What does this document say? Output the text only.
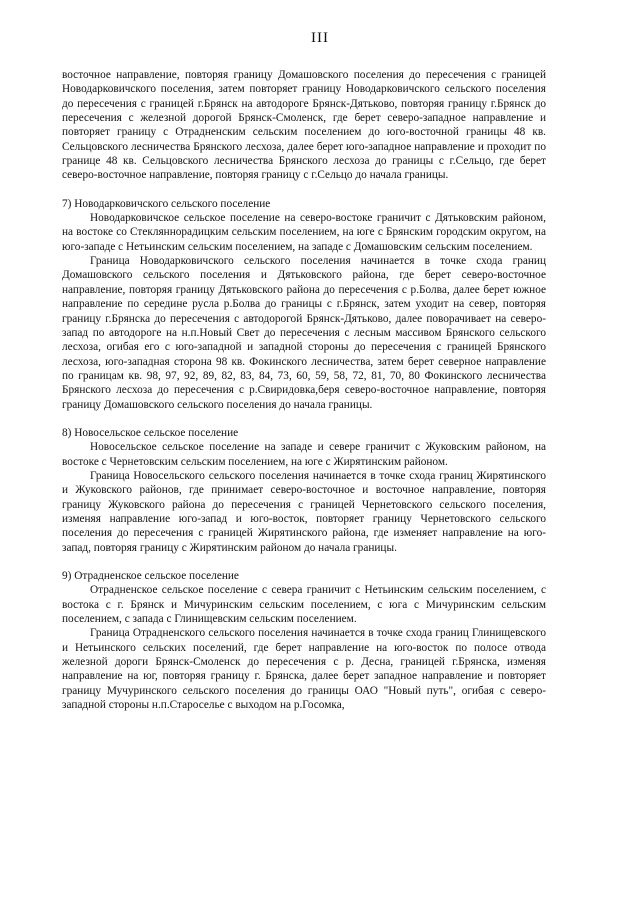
III

восточное направление, повторяя границу Домашовского поселения до пересечения с границей Новодарковичского поселения, затем повторяет границу Новодарковичского сельского поселения до пересечения с границей г.Брянск на автодороге Брянск-Дятьково, повторяя границу г.Брянск до пересечения с железной дорогой Брянск-Смоленск, где берет северо-западное направление и повторяет границу с Отрадненским сельским поселением до юго-восточной границы 48 кв. Сельцовского лесничества Брянского лесхоза, далее берет юго-западное направление и проходит по границе 48 кв. Сельцовского лесничества Брянского лесхоза до границы с г.Сельцо, где берет северо-восточное направление, повторяя границу с г.Сельцо до начала границы.

7) Новодарковичского сельского поселение

Новодарковичское сельское поселение на северо-востоке граничит с Дятьковским районом, на востоке со Стекляннорадицким сельским поселением, на юге с Брянским городским округом, на юго-западе с Нетьинским сельским поселением, на западе с Домашовским сельским поселением.

Граница Новодарковичского сельского поселения начинается в точке схода границ Домашовского сельского поселения и Дятьковского района, где берет северо-восточное направление, повторяя границу Дятьковского района до пересечения с р.Болва, далее берет южное направление по середине русла р.Болва до границы с г.Брянск, затем уходит на север, повторяя границу г.Брянска до пересечения с автодорогой Брянск-Дятьково, далее поворачивает на северо-запад по автодороге на н.п.Новый Свет до пересечения с лесным массивом Брянского сельского лесхоза, огибая его с юго-западной и западной стороны до пересечения с границей Брянского лесхоза, юго-западная сторона 98 кв. Фокинского лесничества, затем берет северное направление по границам кв. 98, 97, 92, 89, 82, 83, 84, 73, 60, 59, 58, 72, 81, 70, 80 Фокинского лесничества Брянского лесхоза до пересечения с р.Свиридовка,беря северо-восточное направление, повторяя границу Домашовского сельского поселения до начала границы.

8) Новосельское сельское поселение

Новосельское сельское поселение на западе и севере граничит с Жуковским районом, на востоке с Чернетовским сельским поселением, на юге с Жирятинским районом.

Граница Новосельского сельского поселения начинается в точке схода границ Жирятинского и Жуковского районов, где принимает северо-восточное и восточное направление, повторяя границу Жуковского района до пересечения с границей Чернетовского сельского поселения, изменяя направление юго-запад и юго-восток, повторяет границу Чернетовского сельского поселения до пересечения с границей Жирятинского района, где изменяет направление на юго-запад, повторяя границу с Жирятинским районом до начала границы.

9) Отрадненское сельское поселение

Отрадненское сельское поселение с севера граничит с Нетьинским сельским поселением, с востока с г. Брянск и Мичуринским сельским поселением, с юга с Мичуринским сельским поселением, с запада с Глинищевским сельским поселением.

Граница Отрадненского сельского поселения начинается в точке схода границ Глинищевского и Нетьинского сельских поселений, где берет направление на юго-восток по полосе отвода железной дороги Брянск-Смоленск до пересечения с р. Десна, границей г.Брянска, изменяя направление на юг, повторяя границу г. Брянска, далее берет западное направление и повторяет границу Мучуринского сельского поселения до границы ОАО "Новый путь", огибая с северо-западной стороны н.п.Староселье с выходом на р.Госомка,
